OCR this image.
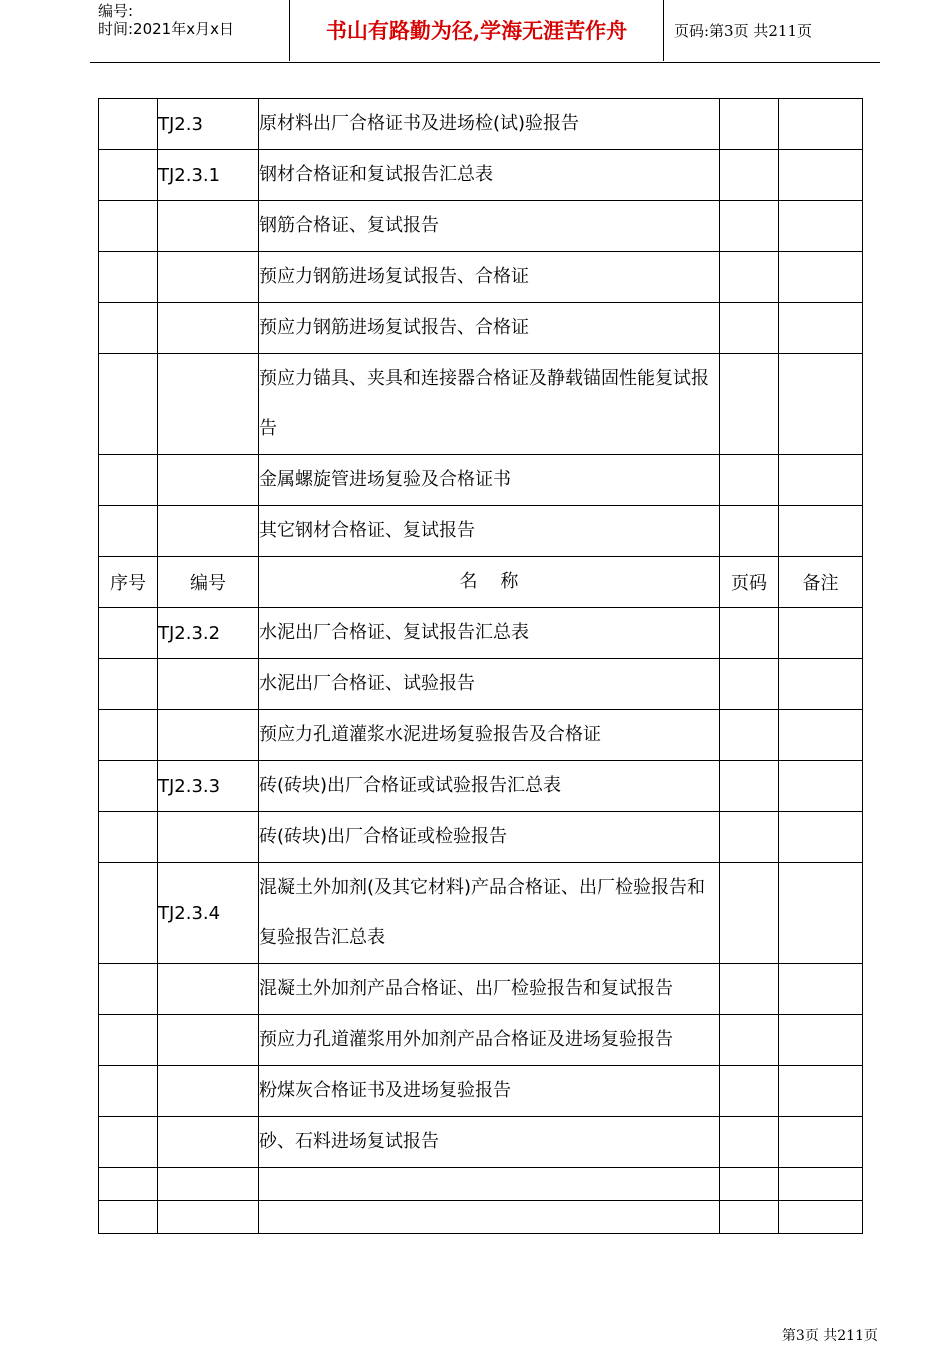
编号:
时间:2021年x月x日	书山有路勤为径,学海无涯苦作舟	页码:第3页 共211页
	TJ2.3	原材料出厂合格证书及进场检(试)验报告		
	TJ2.3.1	钢材合格证和复试报告汇总表		
		钢筋合格证、复试报告		
		预应力钢筋进场复试报告、合格证		
		预应力钢筋进场复试报告、合格证		
		预应力锚具、夹具和连接器合格证及静载锚固性能复试报告		
		金属螺旋管进场复验及合格证书		
		其它钢材合格证、复试报告		
序号	编号	名    称	页码	备注
	TJ2.3.2	水泥出厂合格证、复试报告汇总表		
		水泥出厂合格证、试验报告		
		预应力孔道灌浆水泥进场复验报告及合格证		
	TJ2.3.3	砖(砖块)出厂合格证或试验报告汇总表		
		砖(砖块)出厂合格证或检验报告		
	TJ2.3.4	混凝土外加剂(及其它材料)产品合格证、出厂检验报告和复验报告汇总表		
		混凝土外加剂产品合格证、出厂检验报告和复试报告		
		预应力孔道灌浆用外加剂产品合格证及进场复验报告		
		粉煤灰合格证书及进场复验报告		
		砂、石料进场复试报告		

第3页 共211页
